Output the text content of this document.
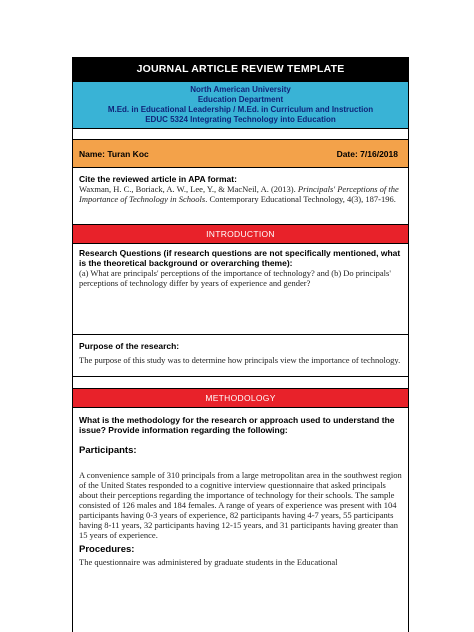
JOURNAL ARTICLE REVIEW TEMPLATE
North American University
Education Department
M.Ed. in Educational Leadership / M.Ed. in Curriculum and Instruction
EDUC 5324 Integrating Technology into Education
Name: Turan Koc	Date: 7/16/2018
Cite the reviewed article in APA format:
Waxman, H. C., Boriack, A. W., Lee, Y., & MacNeil, A. (2013). Principals' Perceptions of the Importance of Technology in Schools. Contemporary Educational Technology, 4(3), 187-196.
INTRODUCTION
Research Questions (if research questions are not specifically mentioned, what is the theoretical background or overarching theme):
(a) What are principals' perceptions of the importance of technology? and (b) Do principals' perceptions of technology differ by years of experience and gender?
Purpose of the research:
The purpose of this study was to determine how principals view the importance of technology.
METHODOLOGY
What is the methodology for the research or approach used to understand the issue? Provide information regarding the following:
Participants:
A convenience sample of 310 principals from a large metropolitan area in the southwest region of the United States responded to a cognitive interview questionnaire that asked principals about their perceptions regarding the importance of technology for their schools. The sample consisted of 126 males and 184 females. A range of years of experience was present with 104 participants having 0-3 years of experience, 82 participants having 4-7 years, 55 participants having 8-11 years, 32 participants having 12-15 years, and 31 participants having greater than 15 years of experience.
Procedures:
The questionnaire was administered by graduate students in the Educational
